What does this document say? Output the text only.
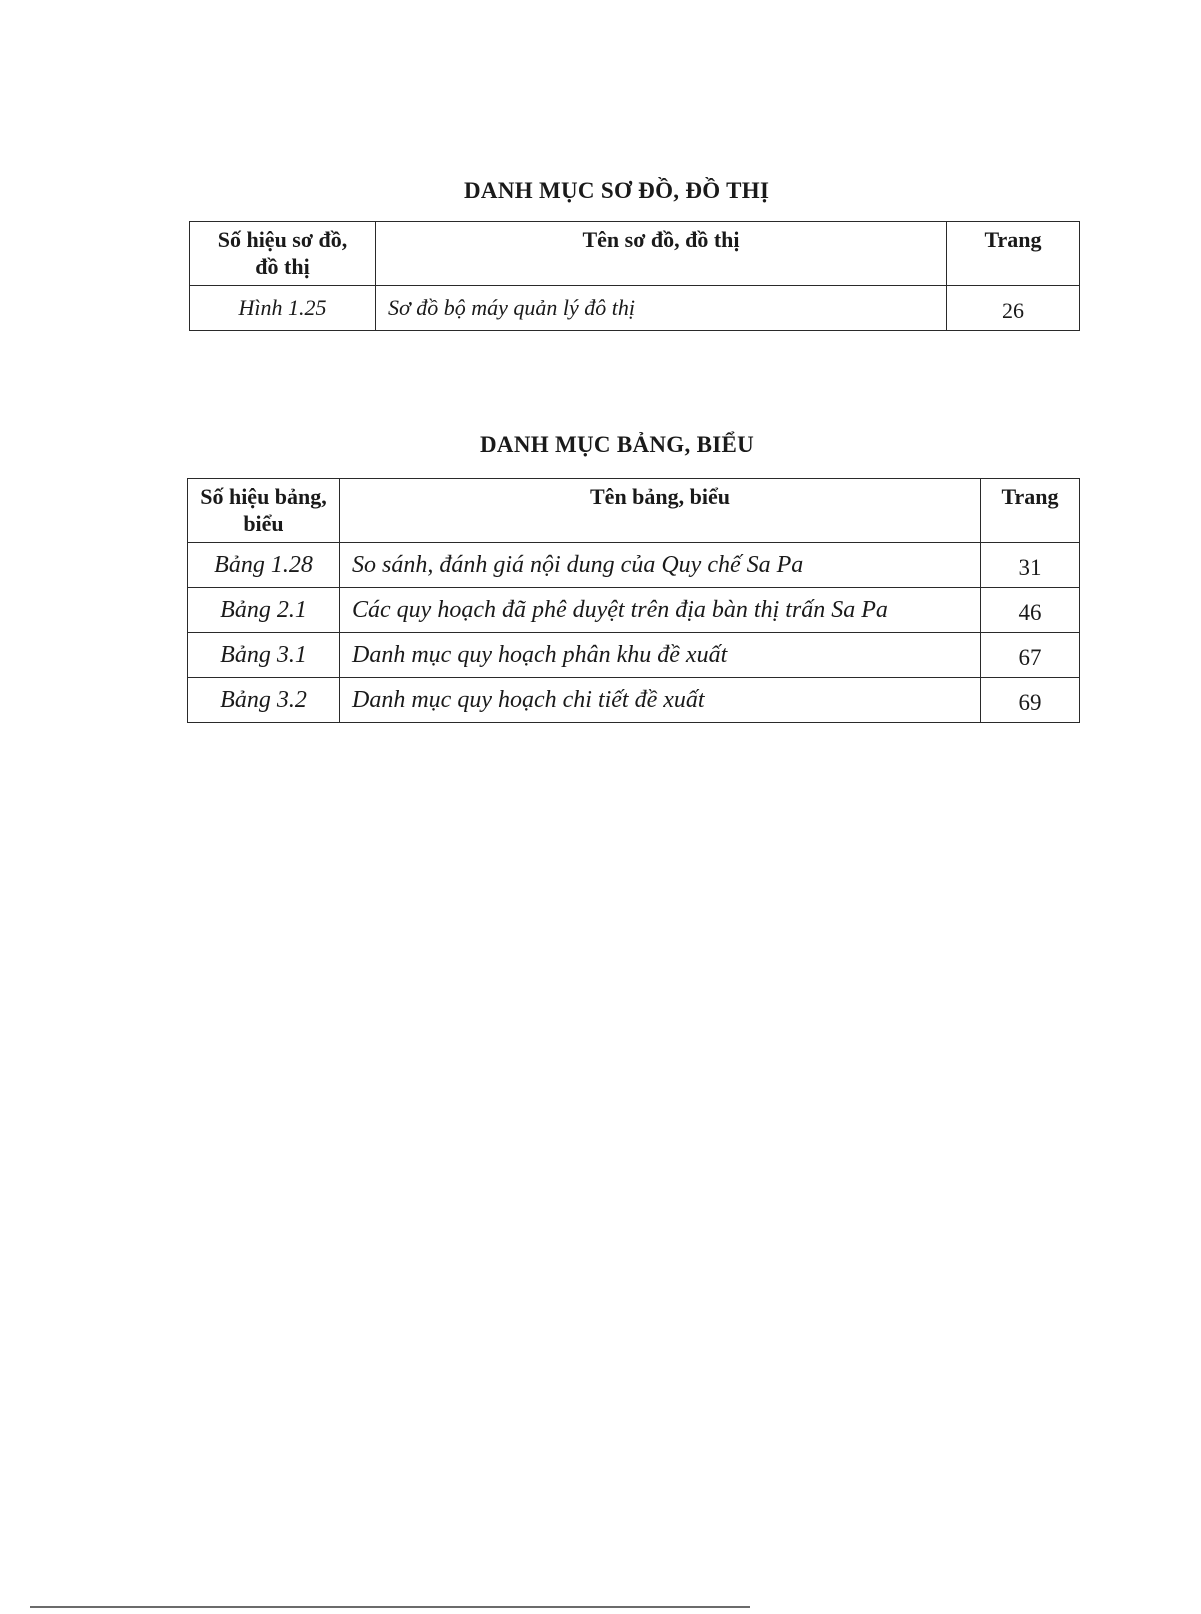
DANH MỤC SƠ ĐỒ, ĐỒ THỊ
Số hiệu sơ đồ, đồ thị	Tên sơ đồ, đồ thị	Trang
Hình 1.25	Sơ đồ bộ máy quản lý đô thị	26
DANH MỤC BẢNG, BIỂU
Số hiệu bảng, biểu	Tên bảng, biểu	Trang
Bảng 1.28	So sánh, đánh giá nội dung của Quy chế Sa Pa	31
Bảng 2.1	Các quy hoạch đã phê duyệt trên địa bàn thị trấn Sa Pa	46
Bảng 3.1	Danh mục quy hoạch phân khu đề xuất	67
Bảng 3.2	Danh mục quy hoạch chi tiết đề xuất	69
